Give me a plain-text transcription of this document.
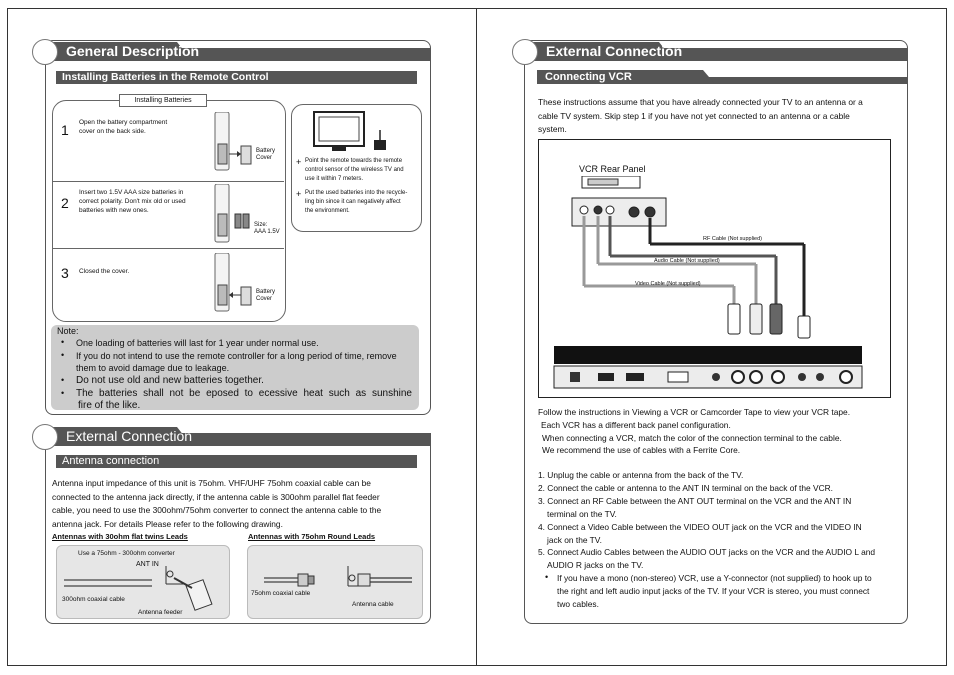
General Description
Installing Batteries in the Remote Control
Installing Batteries
1 Open the battery compartment
cover on the back side.
Battery
Cover
2
Insert two 1.5V AAA size batteries in
correct polarity. Don't mix old or used
batteries with new ones.
Size:
AAA 1.5V
3 Closed the cover.
Battery
Cover
+ Point the remote towards the remote
control sensor of the wireless TV and
use it within 7 meters.
+ Put the used batteries into the recycle-
ling bin since it can negatively affect
the environment.
Note:
• One loading of batteries will last for 1 year under normal use.
• If you do not intend to use the remote controller for a long period of time, remove
them to avoid damage due to leakage.
• Do not use old and new batteries together.
• The batteries shall not be eposed to ecessive heat such as sunshine
fire of the like.
External Connection
Antenna connection
Antenna input impedance of this unit is 75ohm. VHF/UHF 75ohm coaxial cable can be
connected to the antenna jack directly, if the antenna cable is 300ohm parallel flat feeder
cable, you need to use the 300ohm/75ohm converter to connect the antenna cable to the
antenna jack. For details Please refer to the following drawing.
Antennas with 30ohm flat twins Leads	Antennas with 75ohm Round Leads
Use a 75ohm - 300ohm converter
ANT IN
300ohm coaxial cable
Antenna feeder
75ohm coaxial cable
Antenna cable
External Connection
Connecting VCR
These instructions assume that you have already connected your TV to an antenna or a
cable TV system. Skip step 1 if you have not yet connected to an antenna or a cable
system.
VCR Rear Panel
RF Cable (Not supplied)
Audio Cable (Not supplied)
Video Cable (Not supplied)
Follow the instructions in Viewing a VCR or Camcorder Tape to view your VCR tape.
Each VCR has a different back panel configuration.
When connecting a VCR, match the color of the connection terminal to the cable.
We recommend the use of cables with a Ferrite Core.
1. Unplug the cable or antenna from the back of the TV.
2. Connect the cable or antenna to the ANT IN terminal on the back of the VCR.
3. Connect an RF Cable between the ANT OUT terminal on the VCR and the ANT IN
terminal on the TV.
4. Connect a Video Cable between the VIDEO OUT jack on the VCR and the VIDEO IN
jack on the TV.
5. Connect Audio Cables between the AUDIO OUT jacks on the VCR and the AUDIO L and
AUDIO R jacks on the TV.
• If you have a mono (non-stereo) VCR, use a Y-connector (not supplied) to hook up to
the right and left audio input jacks of the TV. If your VCR is stereo, you must connect
two cables.
